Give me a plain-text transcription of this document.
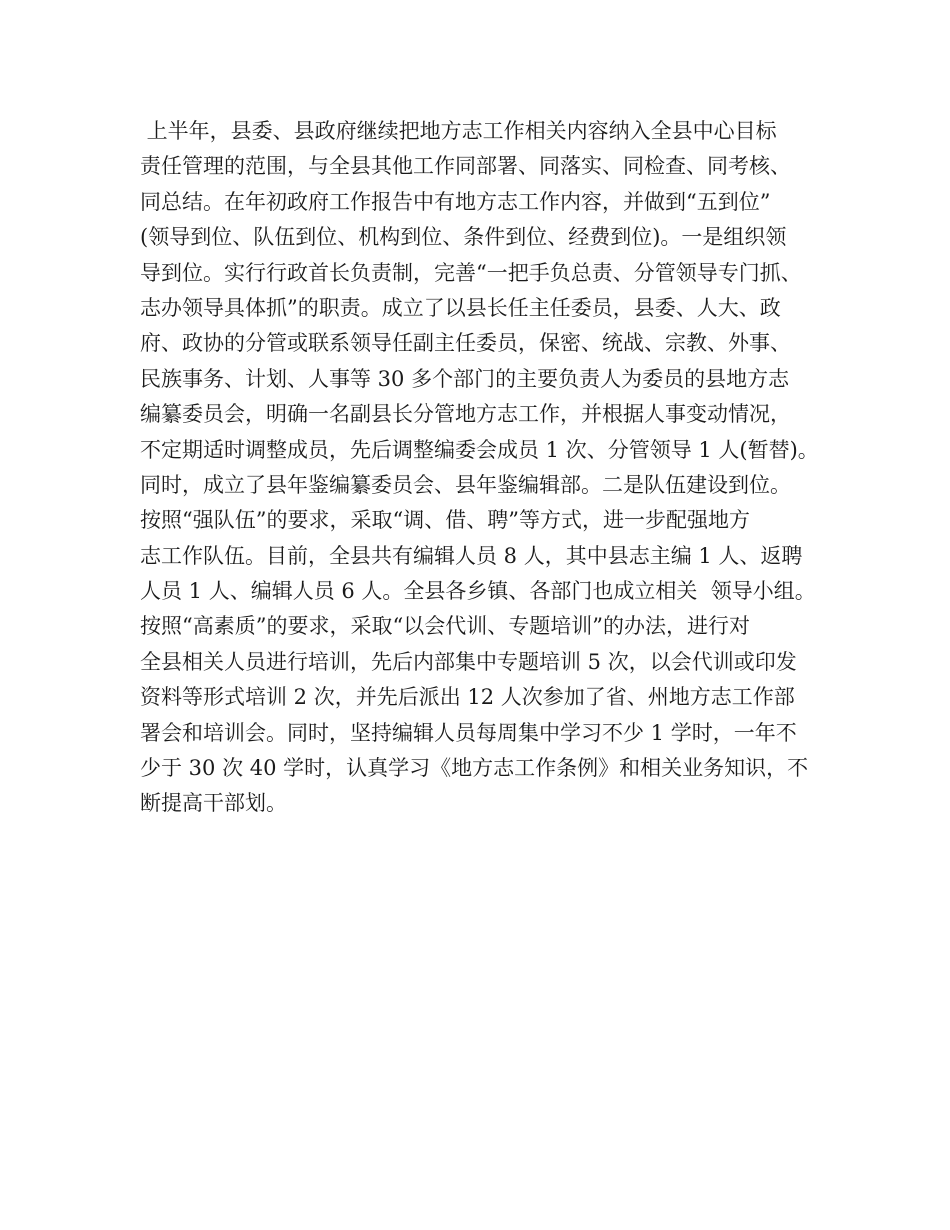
上半年，县委、县政府继续把地方志工作相关内容纳入全县中心目标
责任管理的范围，与全县其他工作同部署、同落实、同检查、同考核、
同总结。在年初政府工作报告中有地方志工作内容，并做到“五到位”
(领导到位、队伍到位、机构到位、条件到位、经费到位)。一是组织领
导到位。实行行政首长负责制，完善“一把手负总责、分管领导专门抓、
志办领导具体抓”的职责。成立了以县长任主任委员，县委、人大、政
府、政协的分管或联系领导任副主任委员，保密、统战、宗教、外事、
民族事务、计划、人事等 30 多个部门的主要负责人为委员的县地方志
编纂委员会，明确一名副县长分管地方志工作，并根据人事变动情况，
不定期适时调整成员，先后调整编委会成员 1 次、分管领导 1 人(暂替)。
同时，成立了县年鉴编纂委员会、县年鉴编辑部。二是队伍建设到位。
按照“强队伍”的要求，采取“调、借、聘”等方式，进一步配强地方
志工作队伍。目前，全县共有编辑人员 8 人，其中县志主编 1 人、返聘
人员 1 人、编辑人员 6 人。全县各乡镇、各部门也成立相关  领导小组。
按照“高素质”的要求，采取“以会代训、专题培训”的办法，进行对
全县相关人员进行培训，先后内部集中专题培训 5 次，以会代训或印发
资料等形式培训 2 次，并先后派出 12 人次参加了省、州地方志工作部
署会和培训会。同时，坚持编辑人员每周集中学习不少 1 学时，一年不
少于 30 次 40 学时，认真学习《地方志工作条例》和相关业务知识，不
断提高干部划。
